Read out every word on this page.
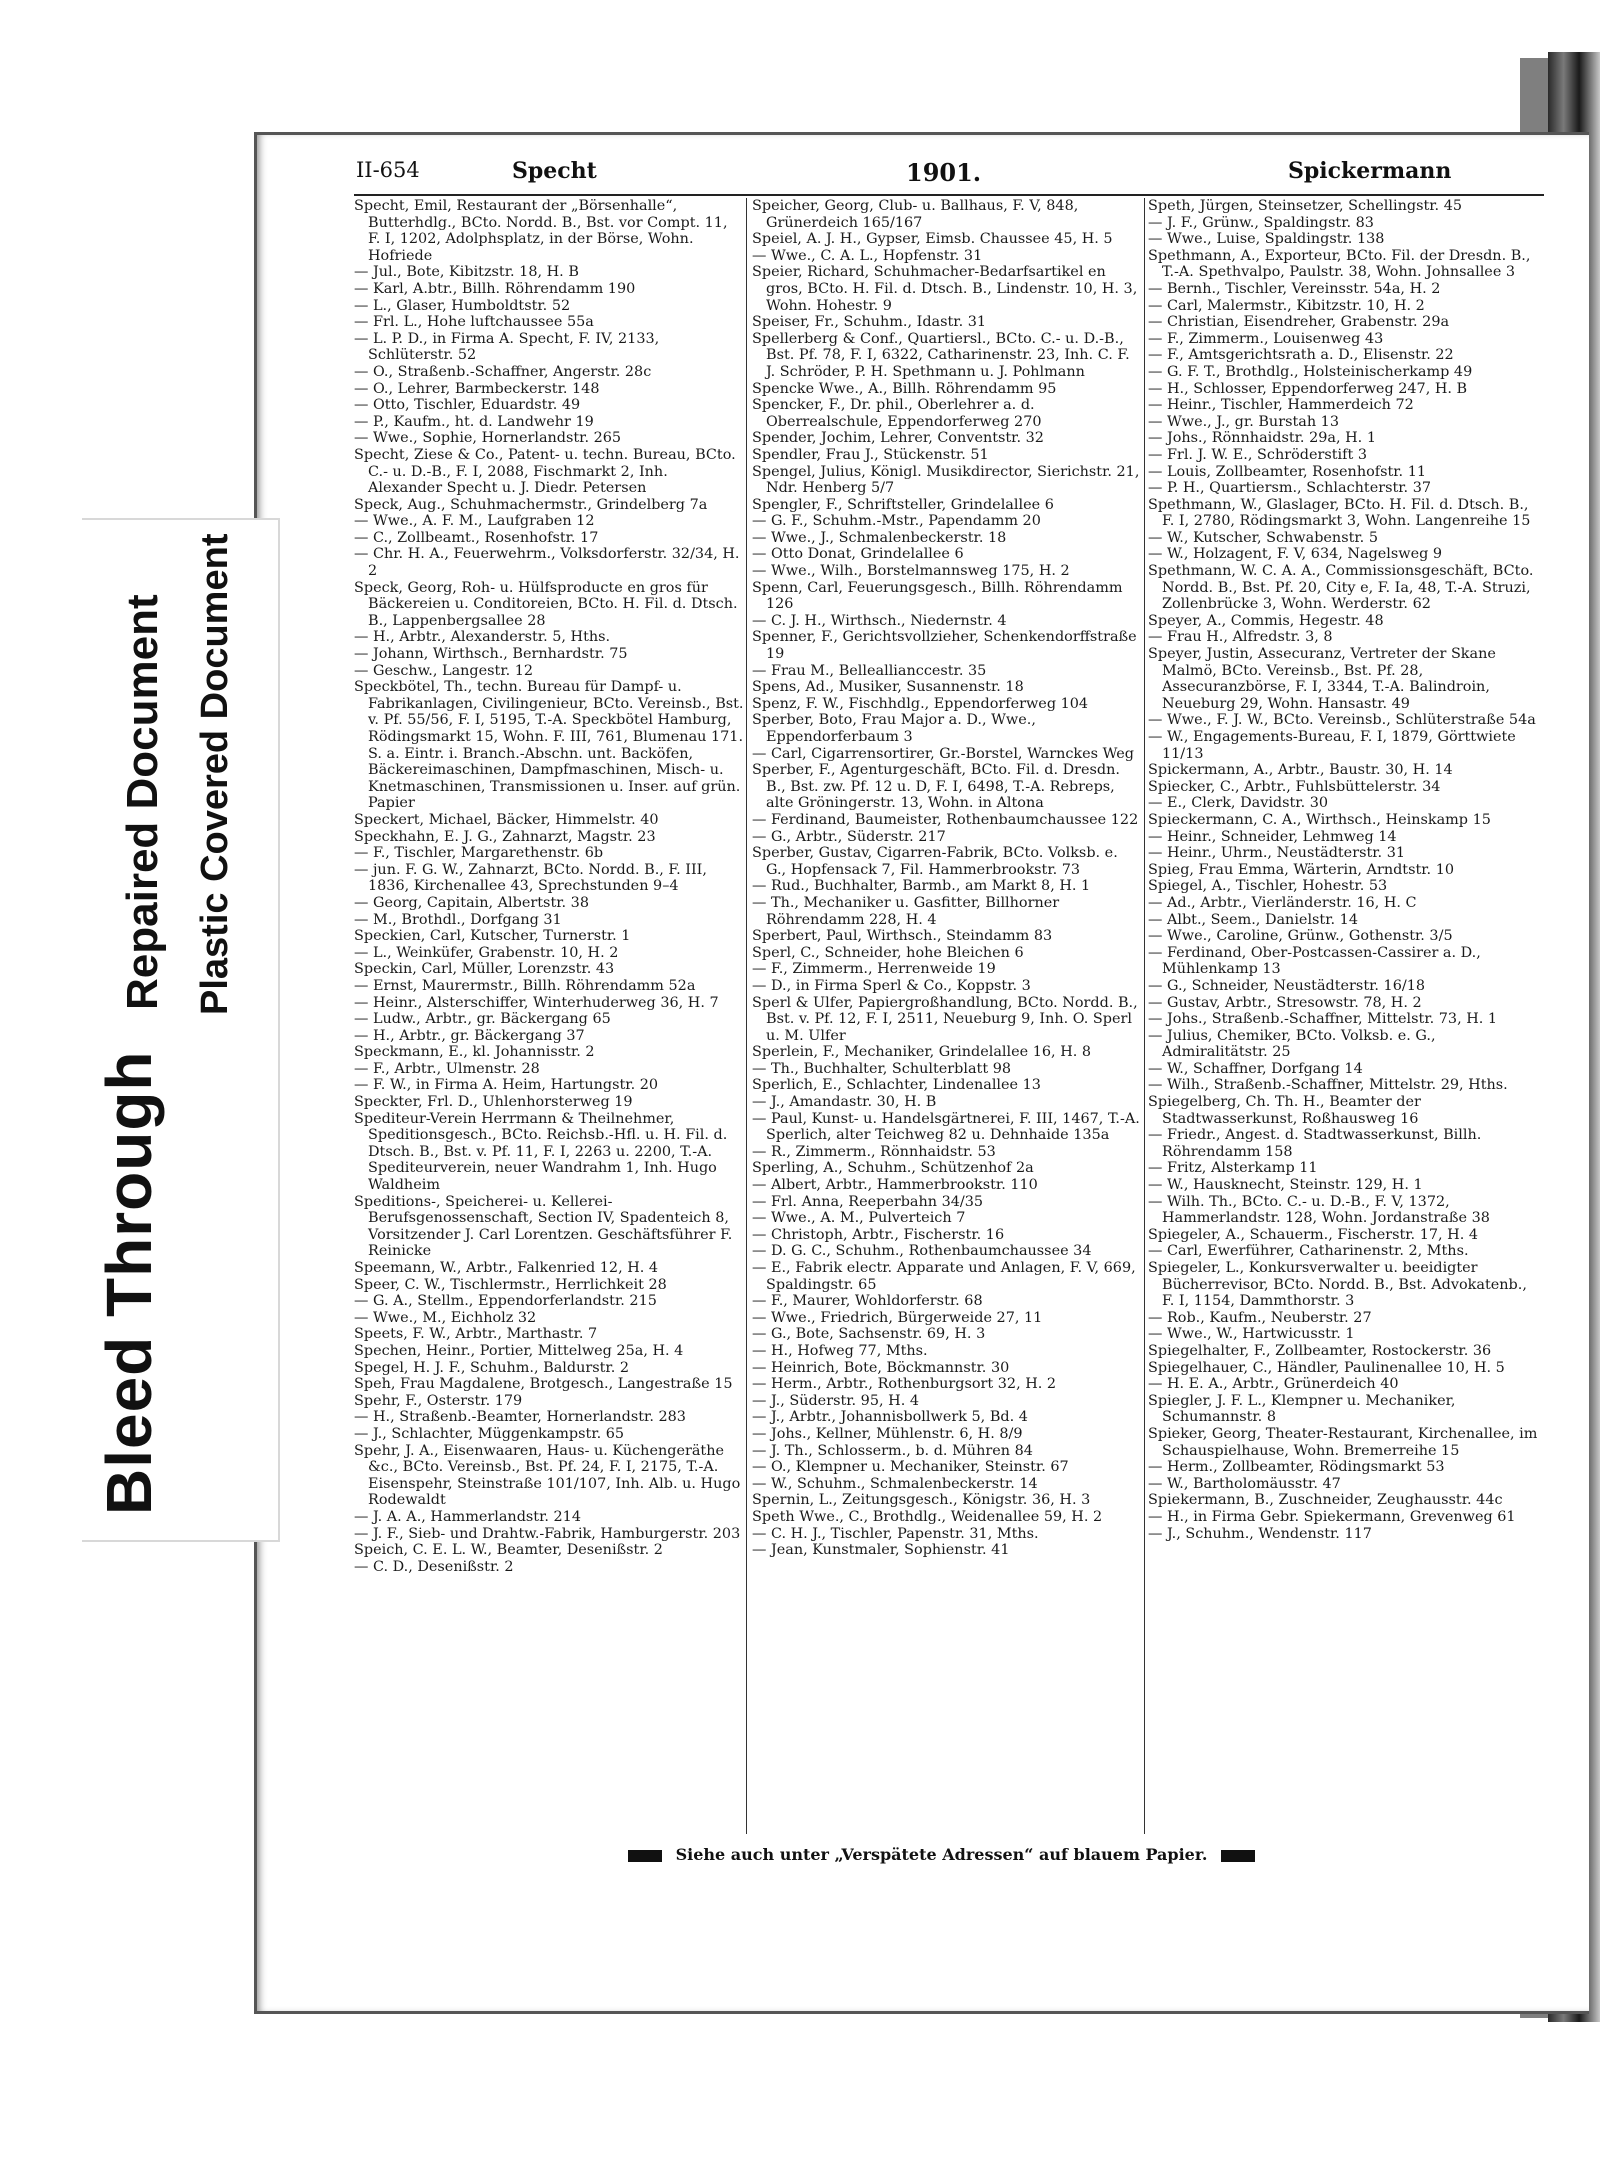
II-654	Specht	1901.	Spickermann

Specht, Emil, Restaurant der „Börsenhalle“, Butterhdlg., BCto. Nordd. B., Bst. vor Compt. 11, F. I, 1202, Adolphsplatz, in der Börse, Wohn. Hofriede

— Jul., Bote, Kibitzstr. 18, H. B

— Karl, A.btr., Billh. Röhrendamm 190

— L., Glaser, Humboldtstr. 52

— Frl. L., Hohe luftchaussee 55a

— L. P. D., in Firma A. Specht, F. IV, 2133, Schlüterstr. 52

— O., Straßenb.-Schaffner, Angerstr. 28c

— O., Lehrer, Barmbeckerstr. 148

— Otto, Tischler, Eduardstr. 49

— P., Kaufm., ht. d. Landwehr 19

— Wwe., Sophie, Hornerlandstr. 265

Specht, Ziese & Co., Patent- u. techn. Bureau, BCto. C.- u. D.-B., F. I, 2088, Fischmarkt 2, Inh. Alexander Specht u. J. Diedr. Petersen

Speck, Aug., Schuhmachermstr., Grindelberg 7a

— Wwe., A. F. M., Laufgraben 12

— C., Zollbeamt., Rosenhofstr. 17

— Chr. H. A., Feuerwehrm., Volksdorferstr. 32/34, H. 2

Speck, Georg, Roh- u. Hülfsproducte en gros für Bäckereien u. Conditoreien, BCto. H. Fil. d. Dtsch. B., Lappenbergsallee 28

— H., Arbtr., Alexanderstr. 5, Hths.

— Johann, Wirthsch., Bernhardstr. 75

— Geschw., Langestr. 12

Speckbötel, Th., techn. Bureau für Dampf- u. Fabrikanlagen, Civilingenieur, BCto. Vereinsb., Bst. v. Pf. 55/56, F. I, 5195, T.-A. Speckbötel Hamburg, Rödingsmarkt 15, Wohn. F. III, 761, Blumenau 171. S. a. Eintr. i. Branch.-Abschn. unt. Backöfen, Bäckereimaschinen, Dampfmaschinen, Misch- u. Knetmaschinen, Transmissionen u. Inser. auf grün. Papier

Speckert, Michael, Bäcker, Himmelstr. 40

Speckhahn, E. J. G., Zahnarzt, Magstr. 23

— F., Tischler, Margarethenstr. 6b

— jun. F. G. W., Zahnarzt, BCto. Nordd. B., F. III, 1836, Kirchenallee 43, Sprechstunden 9–4

— Georg, Capitain, Albertstr. 38

— M., Brothdl., Dorfgang 31

Speckien, Carl, Kutscher, Turnerstr. 1

— L., Weinküfer, Grabenstr. 10, H. 2

Speckin, Carl, Müller, Lorenzstr. 43

— Ernst, Maurermstr., Billh. Röhrendamm 52a

— Heinr., Alsterschiffer, Winterhuderweg 36, H. 7

— Ludw., Arbtr., gr. Bäckergang 65

— H., Arbtr., gr. Bäckergang 37

Speckmann, E., kl. Johannisstr. 2

— F., Arbtr., Ulmenstr. 28

— F. W., in Firma A. Heim, Hartungstr. 20

Speckter, Frl. D., Uhlenhorsterweg 19

Spediteur-Verein Herrmann & Theilnehmer, Speditionsgesch., BCto. Reichsb.-Hfl. u. H. Fil. d. Dtsch. B., Bst. v. Pf. 11, F. I, 2263 u. 2200, T.-A. Spediteurverein, neuer Wandrahm 1, Inh. Hugo Waldheim

Speditions-, Speicherei- u. Kellerei-Berufsgenossenschaft, Section IV, Spadenteich 8, Vorsitzender J. Carl Lorentzen. Geschäftsführer F. Reinicke

Speemann, W., Arbtr., Falkenried 12, H. 4

Speer, C. W., Tischlermstr., Herrlichkeit 28

— G. A., Stellm., Eppendorferlandstr. 215

— Wwe., M., Eichholz 32

Speets, F. W., Arbtr., Marthastr. 7

Spechen, Heinr., Portier, Mittelweg 25a, H. 4

Spegel, H. J. F., Schuhm., Baldurstr. 2

Speh, Frau Magdalene, Brotgesch., Langestraße 15

Spehr, F., Osterstr. 179

— H., Straßenb.-Beamter, Hornerlandstr. 283

— J., Schlachter, Müggenkampstr. 65

Spehr, J. A., Eisenwaaren, Haus- u. Küchengeräthe &c., BCto. Vereinsb., Bst. Pf. 24, F. I, 2175, T.-A. Eisenspehr, Steinstraße 101/107, Inh. Alb. u. Hugo Rodewaldt

— J. A. A., Hammerlandstr. 214

— J. F., Sieb- und Drahtw.-Fabrik, Hamburgerstr. 203

Speich, C. E. L. W., Beamter, Desenißstr. 2

— C. D., Desenißstr. 2

Speicher, Georg, Club- u. Ballhaus, F. V, 848, Grünerdeich 165/167

Speiel, A. J. H., Gypser, Eimsb. Chaussee 45, H. 5

— Wwe., C. A. L., Hopfenstr. 31

Speier, Richard, Schuhmacher-Bedarfsartikel en gros, BCto. H. Fil. d. Dtsch. B., Lindenstr. 10, H. 3, Wohn. Hohestr. 9

Speiser, Fr., Schuhm., Idastr. 31

Spellerberg & Conf., Quartiersl., BCto. C.- u. D.-B., Bst. Pf. 78, F. I, 6322, Catharinenstr. 23, Inh. C. F. J. Schröder, P. H. Spethmann u. J. Pohlmann

Spencke Wwe., A., Billh. Röhrendamm 95

Spencker, F., Dr. phil., Oberlehrer a. d. Oberrealschule, Eppendorferweg 270

Spender, Jochim, Lehrer, Conventstr. 32

Spendler, Frau J., Stückenstr. 51

Spengel, Julius, Königl. Musikdirector, Sierichstr. 21, Ndr. Henberg 5/7

Spengler, F., Schriftsteller, Grindelallee 6

— G. F., Schuhm.-Mstr., Papendamm 20

— Wwe., J., Schmalenbeckerstr. 18

— Otto Donat, Grindelallee 6

— Wwe., Wilh., Borstelmannsweg 175, H. 2

Spenn, Carl, Feuerungsgesch., Billh. Röhrendamm 126

— C. J. H., Wirthsch., Niedernstr. 4

Spenner, F., Gerichtsvollzieher, Schenkendorffstraße 19

— Frau M., Belleallianccestr. 35

Spens, Ad., Musiker, Susannenstr. 18

Spenz, F. W., Fischhdlg., Eppendorferweg 104

Sperber, Boto, Frau Major a. D., Wwe., Eppendorferbaum 3

— Carl, Cigarrensortirer, Gr.-Borstel, Warnckes Weg

Sperber, F., Agenturgeschäft, BCto. Fil. d. Dresdn. B., Bst. zw. Pf. 12 u. D, F. I, 6498, T.-A. Rebreps, alte Gröningerstr. 13, Wohn. in Altona

— Ferdinand, Baumeister, Rothenbaumchaussee 122

— G., Arbtr., Süderstr. 217

Sperber, Gustav, Cigarren-Fabrik, BCto. Volksb. e. G., Hopfensack 7, Fil. Hammerbrookstr. 73

— Rud., Buchhalter, Barmb., am Markt 8, H. 1

— Th., Mechaniker u. Gasfitter, Billhorner Röhrendamm 228, H. 4

Sperbert, Paul, Wirthsch., Steindamm 83

Sperl, C., Schneider, hohe Bleichen 6

— F., Zimmerm., Herrenweide 19

— D., in Firma Sperl & Co., Koppstr. 3

Sperl & Ulfer, Papiergroßhandlung, BCto. Nordd. B., Bst. v. Pf. 12, F. I, 2511, Neueburg 9, Inh. O. Sperl u. M. Ulfer

Sperlein, F., Mechaniker, Grindelallee 16, H. 8

— Th., Buchhalter, Schulterblatt 98

Sperlich, E., Schlachter, Lindenallee 13

— J., Amandastr. 30, H. B

— Paul, Kunst- u. Handelsgärtnerei, F. III, 1467, T.-A. Sperlich, alter Teichweg 82 u. Dehnhaide 135a

— R., Zimmerm., Rönnhaidstr. 53

Sperling, A., Schuhm., Schützenhof 2a

— Albert, Arbtr., Hammerbrookstr. 110

— Frl. Anna, Reeperbahn 34/35

— Wwe., A. M., Pulverteich 7

— Christoph, Arbtr., Fischerstr. 16

— D. G. C., Schuhm., Rothenbaumchaussee 34

— E., Fabrik electr. Apparate und Anlagen, F. V, 669, Spaldingstr. 65

— F., Maurer, Wohldorferstr. 68

— Wwe., Friedrich, Bürgerweide 27, 11

— G., Bote, Sachsenstr. 69, H. 3

— H., Hofweg 77, Mths.

— Heinrich, Bote, Böckmannstr. 30

— Herm., Arbtr., Rothenburgsort 32, H. 2

— J., Süderstr. 95, H. 4

— J., Arbtr., Johannisbollwerk 5, Bd. 4

— Johs., Kellner, Mühlenstr. 6, H. 8/9

— J. Th., Schlosserm., b. d. Mühren 84

— O., Klempner u. Mechaniker, Steinstr. 67

— W., Schuhm., Schmalenbeckerstr. 14

Spernin, L., Zeitungsgesch., Königstr. 36, H. 3

Speth Wwe., C., Brothdlg., Weidenallee 59, H. 2

— C. H. J., Tischler, Papenstr. 31, Mths.

— Jean, Kunstmaler, Sophienstr. 41

Speth, Jürgen, Steinsetzer, Schellingstr. 45

— J. F., Grünw., Spaldingstr. 83

— Wwe., Luise, Spaldingstr. 138

Spethmann, A., Exporteur, BCto. Fil. der Dresdn. B., T.-A. Spethvalpo, Paulstr. 38, Wohn. Johnsallee 3

— Bernh., Tischler, Vereinsstr. 54a, H. 2

— Carl, Malermstr., Kibitzstr. 10, H. 2

— Christian, Eisendreher, Grabenstr. 29a

— F., Zimmerm., Louisenweg 43

— F., Amtsgerichtsrath a. D., Elisenstr. 22

— G. F. T., Brothdlg., Holsteinischerkamp 49

— H., Schlosser, Eppendorferweg 247, H. B

— Heinr., Tischler, Hammerdeich 72

— Wwe., J., gr. Burstah 13

— Johs., Rönnhaidstr. 29a, H. 1

— Frl. J. W. E., Schröderstift 3

— Louis, Zollbeamter, Rosenhofstr. 11

— P. H., Quartiersm., Schlachterstr. 37

Spethmann, W., Glaslager, BCto. H. Fil. d. Dtsch. B., F. I, 2780, Rödingsmarkt 3, Wohn. Langenreihe 15

— W., Kutscher, Schwabenstr. 5

— W., Holzagent, F. V, 634, Nagelsweg 9

Spethmann, W. C. A. A., Commissionsgeschäft, BCto. Nordd. B., Bst. Pf. 20, City e, F. Ia, 48, T.-A. Struzi, Zollenbrücke 3, Wohn. Werderstr. 62

Speyer, A., Commis, Hegestr. 48

— Frau H., Alfredstr. 3, 8

Speyer, Justin, Assecuranz, Vertreter der Skane Malmö, BCto. Vereinsb., Bst. Pf. 28, Assecuranzbörse, F. I, 3344, T.-A. Balindroin, Neueburg 29, Wohn. Hansastr. 49

— Wwe., F. J. W., BCto. Vereinsb., Schlüterstraße 54a

— W., Engagements-Bureau, F. I, 1879, Görttwiete 11/13

Spickermann, A., Arbtr., Baustr. 30, H. 14

Spiecker, C., Arbtr., Fuhlsbüttelerstr. 34

— E., Clerk, Davidstr. 30

Spieckermann, C. A., Wirthsch., Heinskamp 15

— Heinr., Schneider, Lehmweg 14

— Heinr., Uhrm., Neustädterstr. 31

Spieg, Frau Emma, Wärterin, Arndtstr. 10

Spiegel, A., Tischler, Hohestr. 53

— Ad., Arbtr., Vierländerstr. 16, H. C

— Albt., Seem., Danielstr. 14

— Wwe., Caroline, Grünw., Gothenstr. 3/5

— Ferdinand, Ober-Postcassen-Cassirer a. D., Mühlenkamp 13

— G., Schneider, Neustädterstr. 16/18

— Gustav, Arbtr., Stresowstr. 78, H. 2

— Johs., Straßenb.-Schaffner, Mittelstr. 73, H. 1

— Julius, Chemiker, BCto. Volksb. e. G., Admiralitätstr. 25

— W., Schaffner, Dorfgang 14

— Wilh., Straßenb.-Schaffner, Mittelstr. 29, Hths.

Spiegelberg, Ch. Th. H., Beamter der Stadtwasserkunst, Roßhausweg 16

— Friedr., Angest. d. Stadtwasserkunst, Billh. Röhrendamm 158

— Fritz, Alsterkamp 11

— W., Hausknecht, Steinstr. 129, H. 1

— Wilh. Th., BCto. C.- u. D.-B., F. V, 1372, Hammerlandstr. 128, Wohn. Jordanstraße 38

Spiegeler, A., Schauerm., Fischerstr. 17, H. 4

— Carl, Ewerführer, Catharinenstr. 2, Mths.

Spiegeler, L., Konkursverwalter u. beeidigter Bücherrevisor, BCto. Nordd. B., Bst. Advokatenb., F. I, 1154, Dammthorstr. 3

— Rob., Kaufm., Neuberstr. 27

— Wwe., W., Hartwicusstr. 1

Spiegelhalter, F., Zollbeamter, Rostockerstr. 36

Spiegelhauer, C., Händler, Paulinenallee 10, H. 5

— H. E. A., Arbtr., Grünerdeich 40

Spiegler, J. F. L., Klempner u. Mechaniker, Schumannstr. 8

Spieker, Georg, Theater-Restaurant, Kirchenallee, im Schauspielhause, Wohn. Bremerreihe 15

— Herm., Zollbeamter, Rödingsmarkt 53

— W., Bartholomäusstr. 47

Spiekermann, B., Zuschneider, Zeughausstr. 44c

— H., in Firma Gebr. Spiekermann, Grevenweg 61

— J., Schuhm., Wendenstr. 117

Siehe auch unter „Verspätete Adressen“ auf blauem Papier.
Bleed Through
Repaired Document Plastic Covered Document
